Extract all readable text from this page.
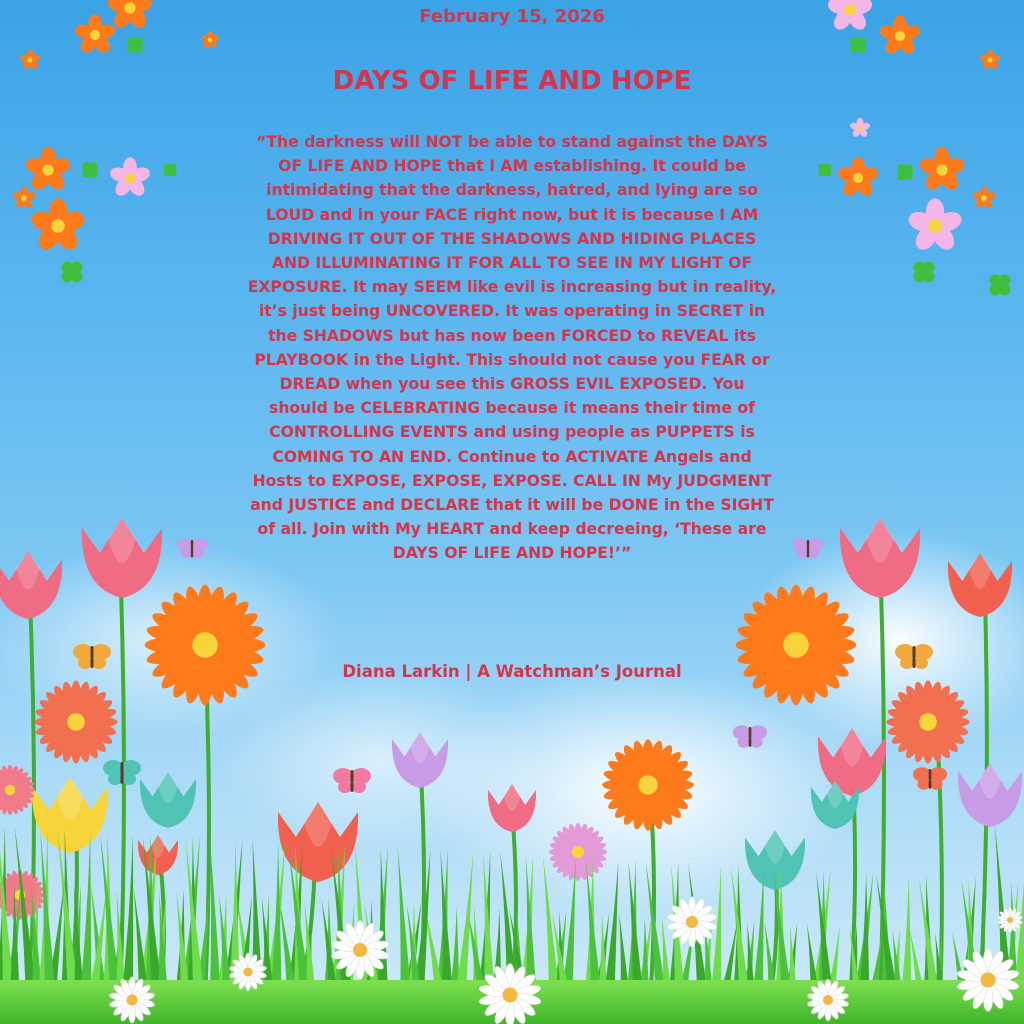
February 15, 2026
DAYS OF LIFE AND HOPE
“The darkness will NOT be able to stand against the DAYS
OF LIFE AND HOPE that I AM establishing. It could be
intimidating that the darkness, hatred, and lying are so
LOUD and in your FACE right now, but it is because I AM
DRIVING IT OUT OF THE SHADOWS AND HIDING PLACES
AND ILLUMINATING IT FOR ALL TO SEE IN MY LIGHT OF
EXPOSURE. It may SEEM like evil is increasing but in reality,
it’s just being UNCOVERED. It was operating in SECRET in
the SHADOWS but has now been FORCED to REVEAL its
PLAYBOOK in the Light. This should not cause you FEAR or
DREAD when you see this GROSS EVIL EXPOSED. You
should be CELEBRATING because it means their time of
CONTROLLING EVENTS and using people as PUPPETS is
COMING TO AN END. Continue to ACTIVATE Angels and
Hosts to EXPOSE, EXPOSE, EXPOSE. CALL IN My JUDGMENT
and JUSTICE and DECLARE that it will be DONE in the SIGHT
of all. Join with My HEART and keep decreeing, ‘These are
DAYS OF LIFE AND HOPE!’”
Diana Larkin | A Watchman’s Journal
